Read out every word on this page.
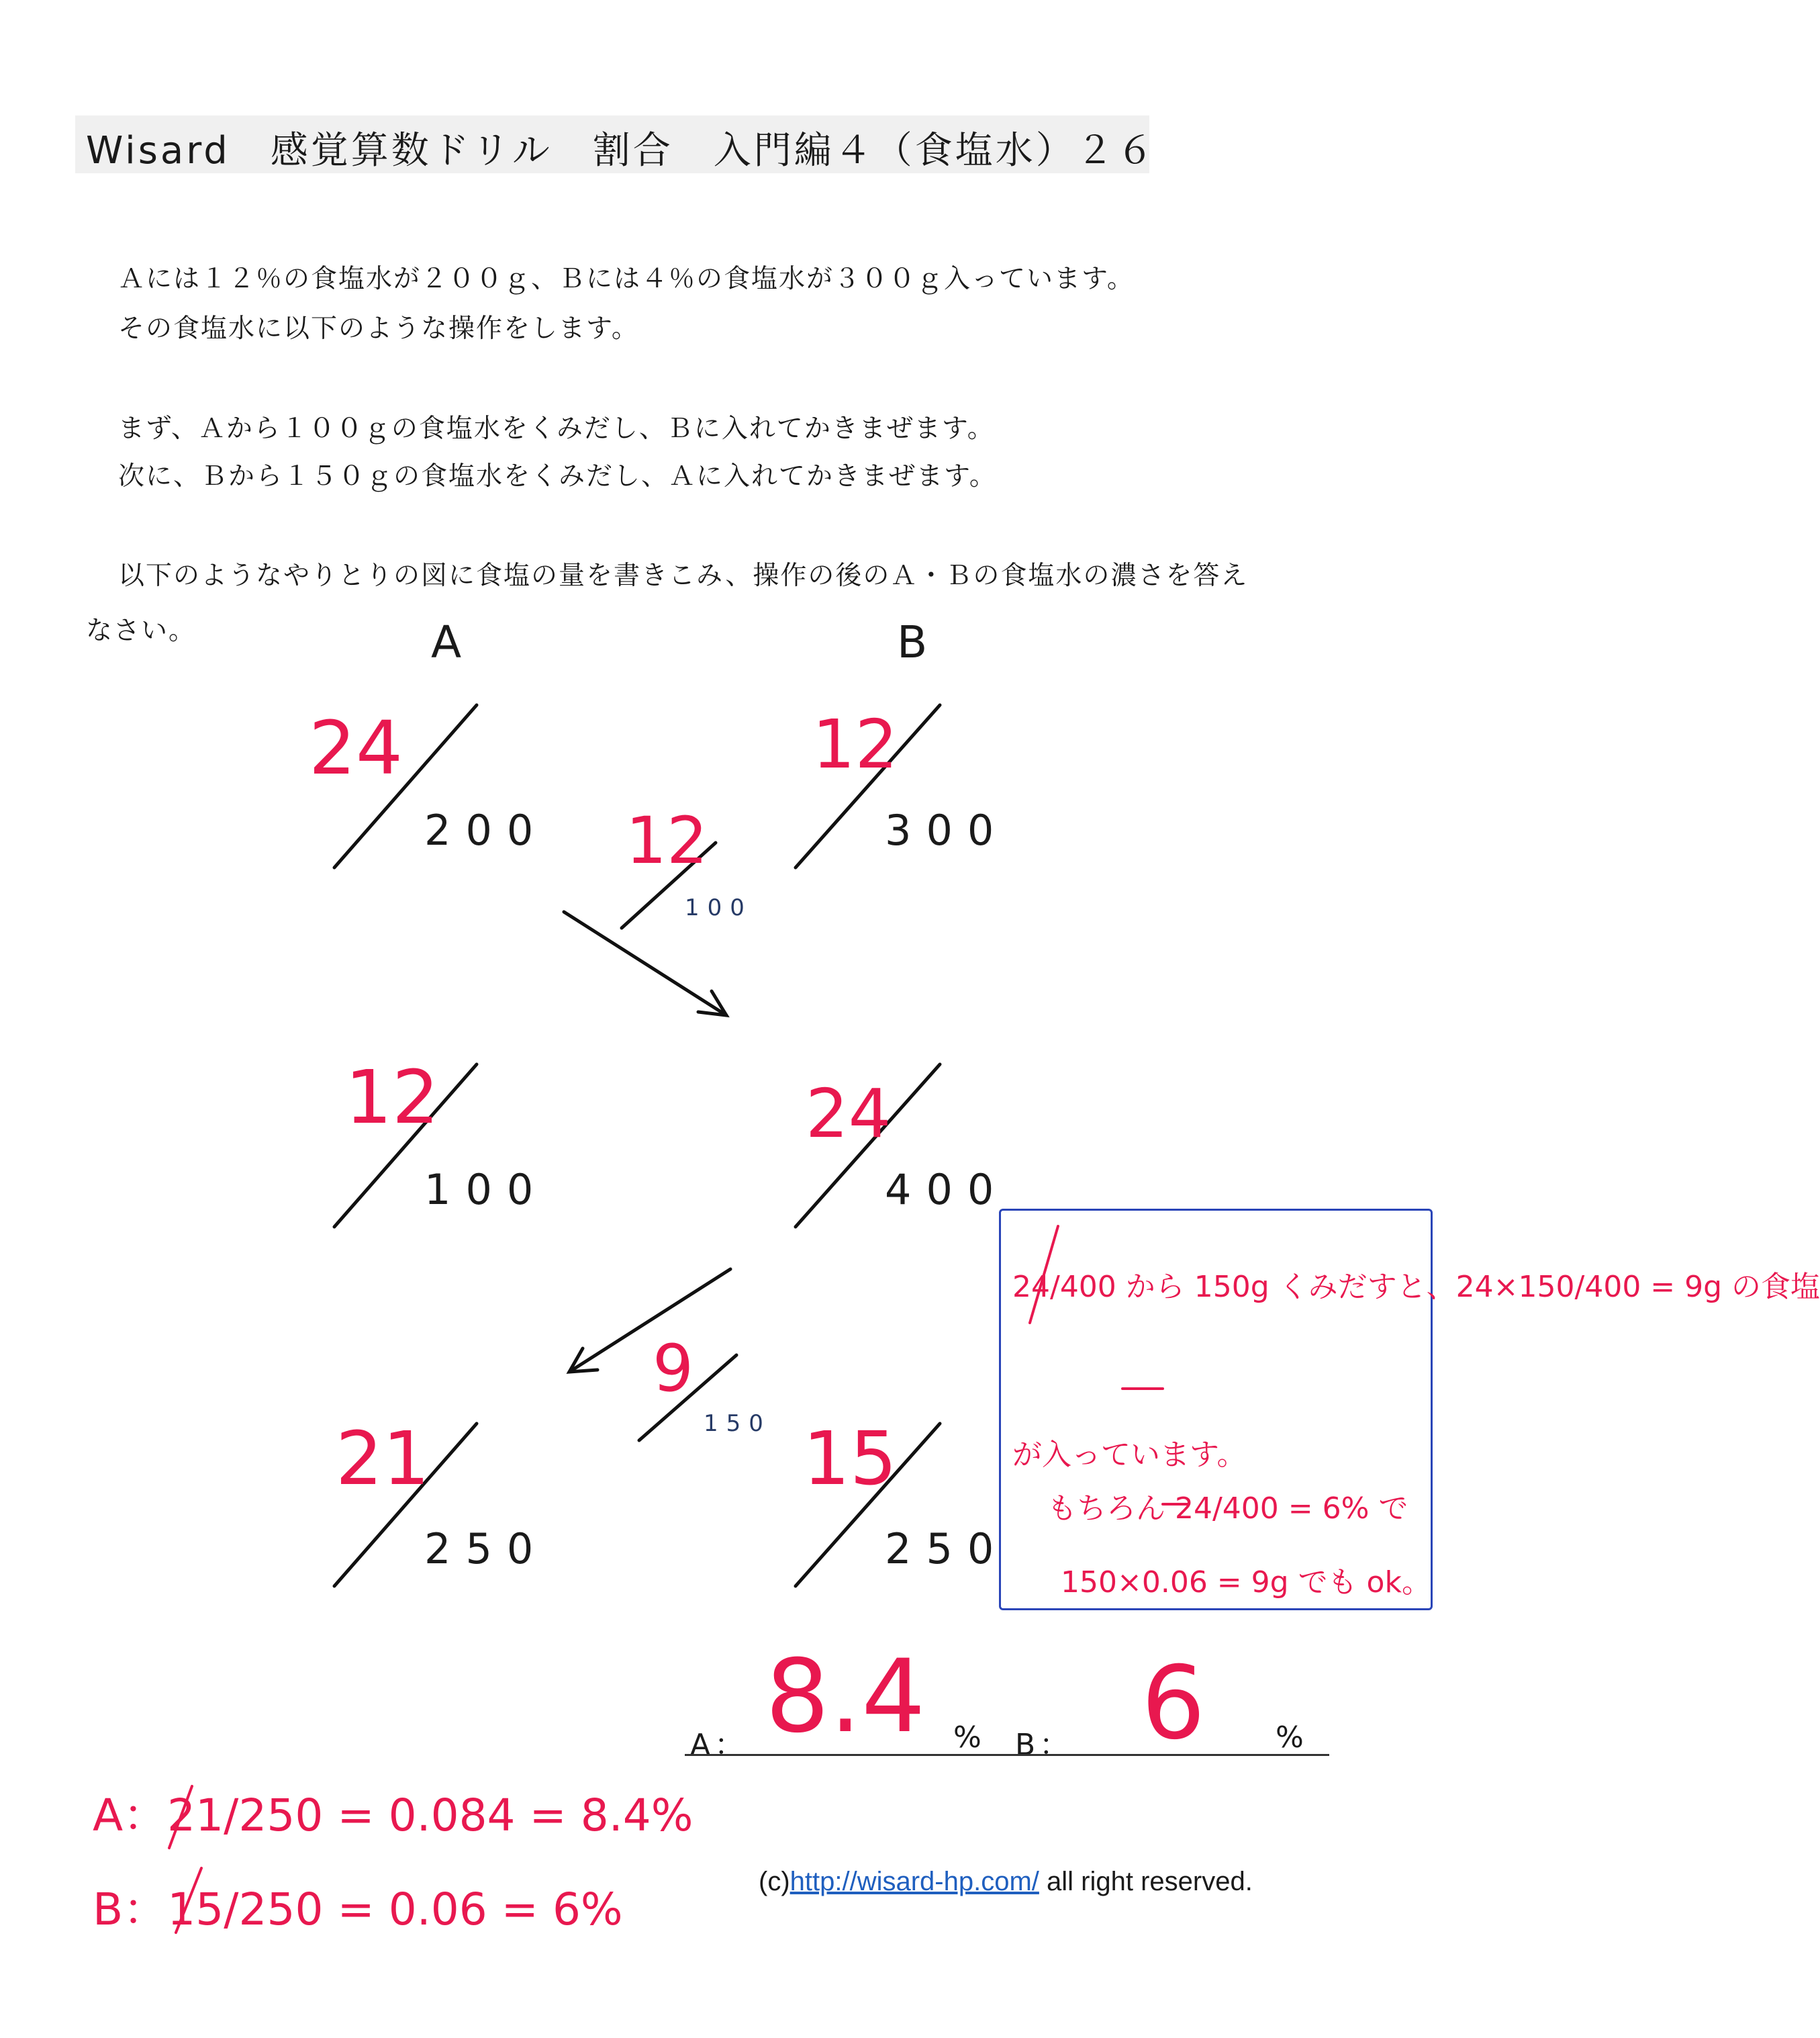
Wisard　感覚算数ドリル　割合　入門編４（食塩水）２６
Ａには１２％の食塩水が２００ｇ、Ｂには４％の食塩水が３００ｇ入っています。
その食塩水に以下のような操作をします。
まず、Ａから１００ｇの食塩水をくみだし、Ｂに入れてかきまぜます。
次に、Ｂから１５０ｇの食塩水をくみだし、Ａに入れてかきまぜます。
以下のようなやりとりの図に食塩の量を書きこみ、操作の後のＡ・Ｂの食塩水の濃さを答え
なさい。	A	B
200	300
100
100	400
150
250	250
24	12
12
12	24
9
21	15
24/400 から 150g くみだすと、24×150/400 = 9g の食塩
が入っています。
もちろん 24/400 = 6% で
150×0.06 = 9g でも ok。
A： 8.4 % B： 6 %
A：21/250 = 0.084 = 8.4%
B：15/250 = 0.06 = 6%
(c)http://wisard-hp.com/ all right reserved.
